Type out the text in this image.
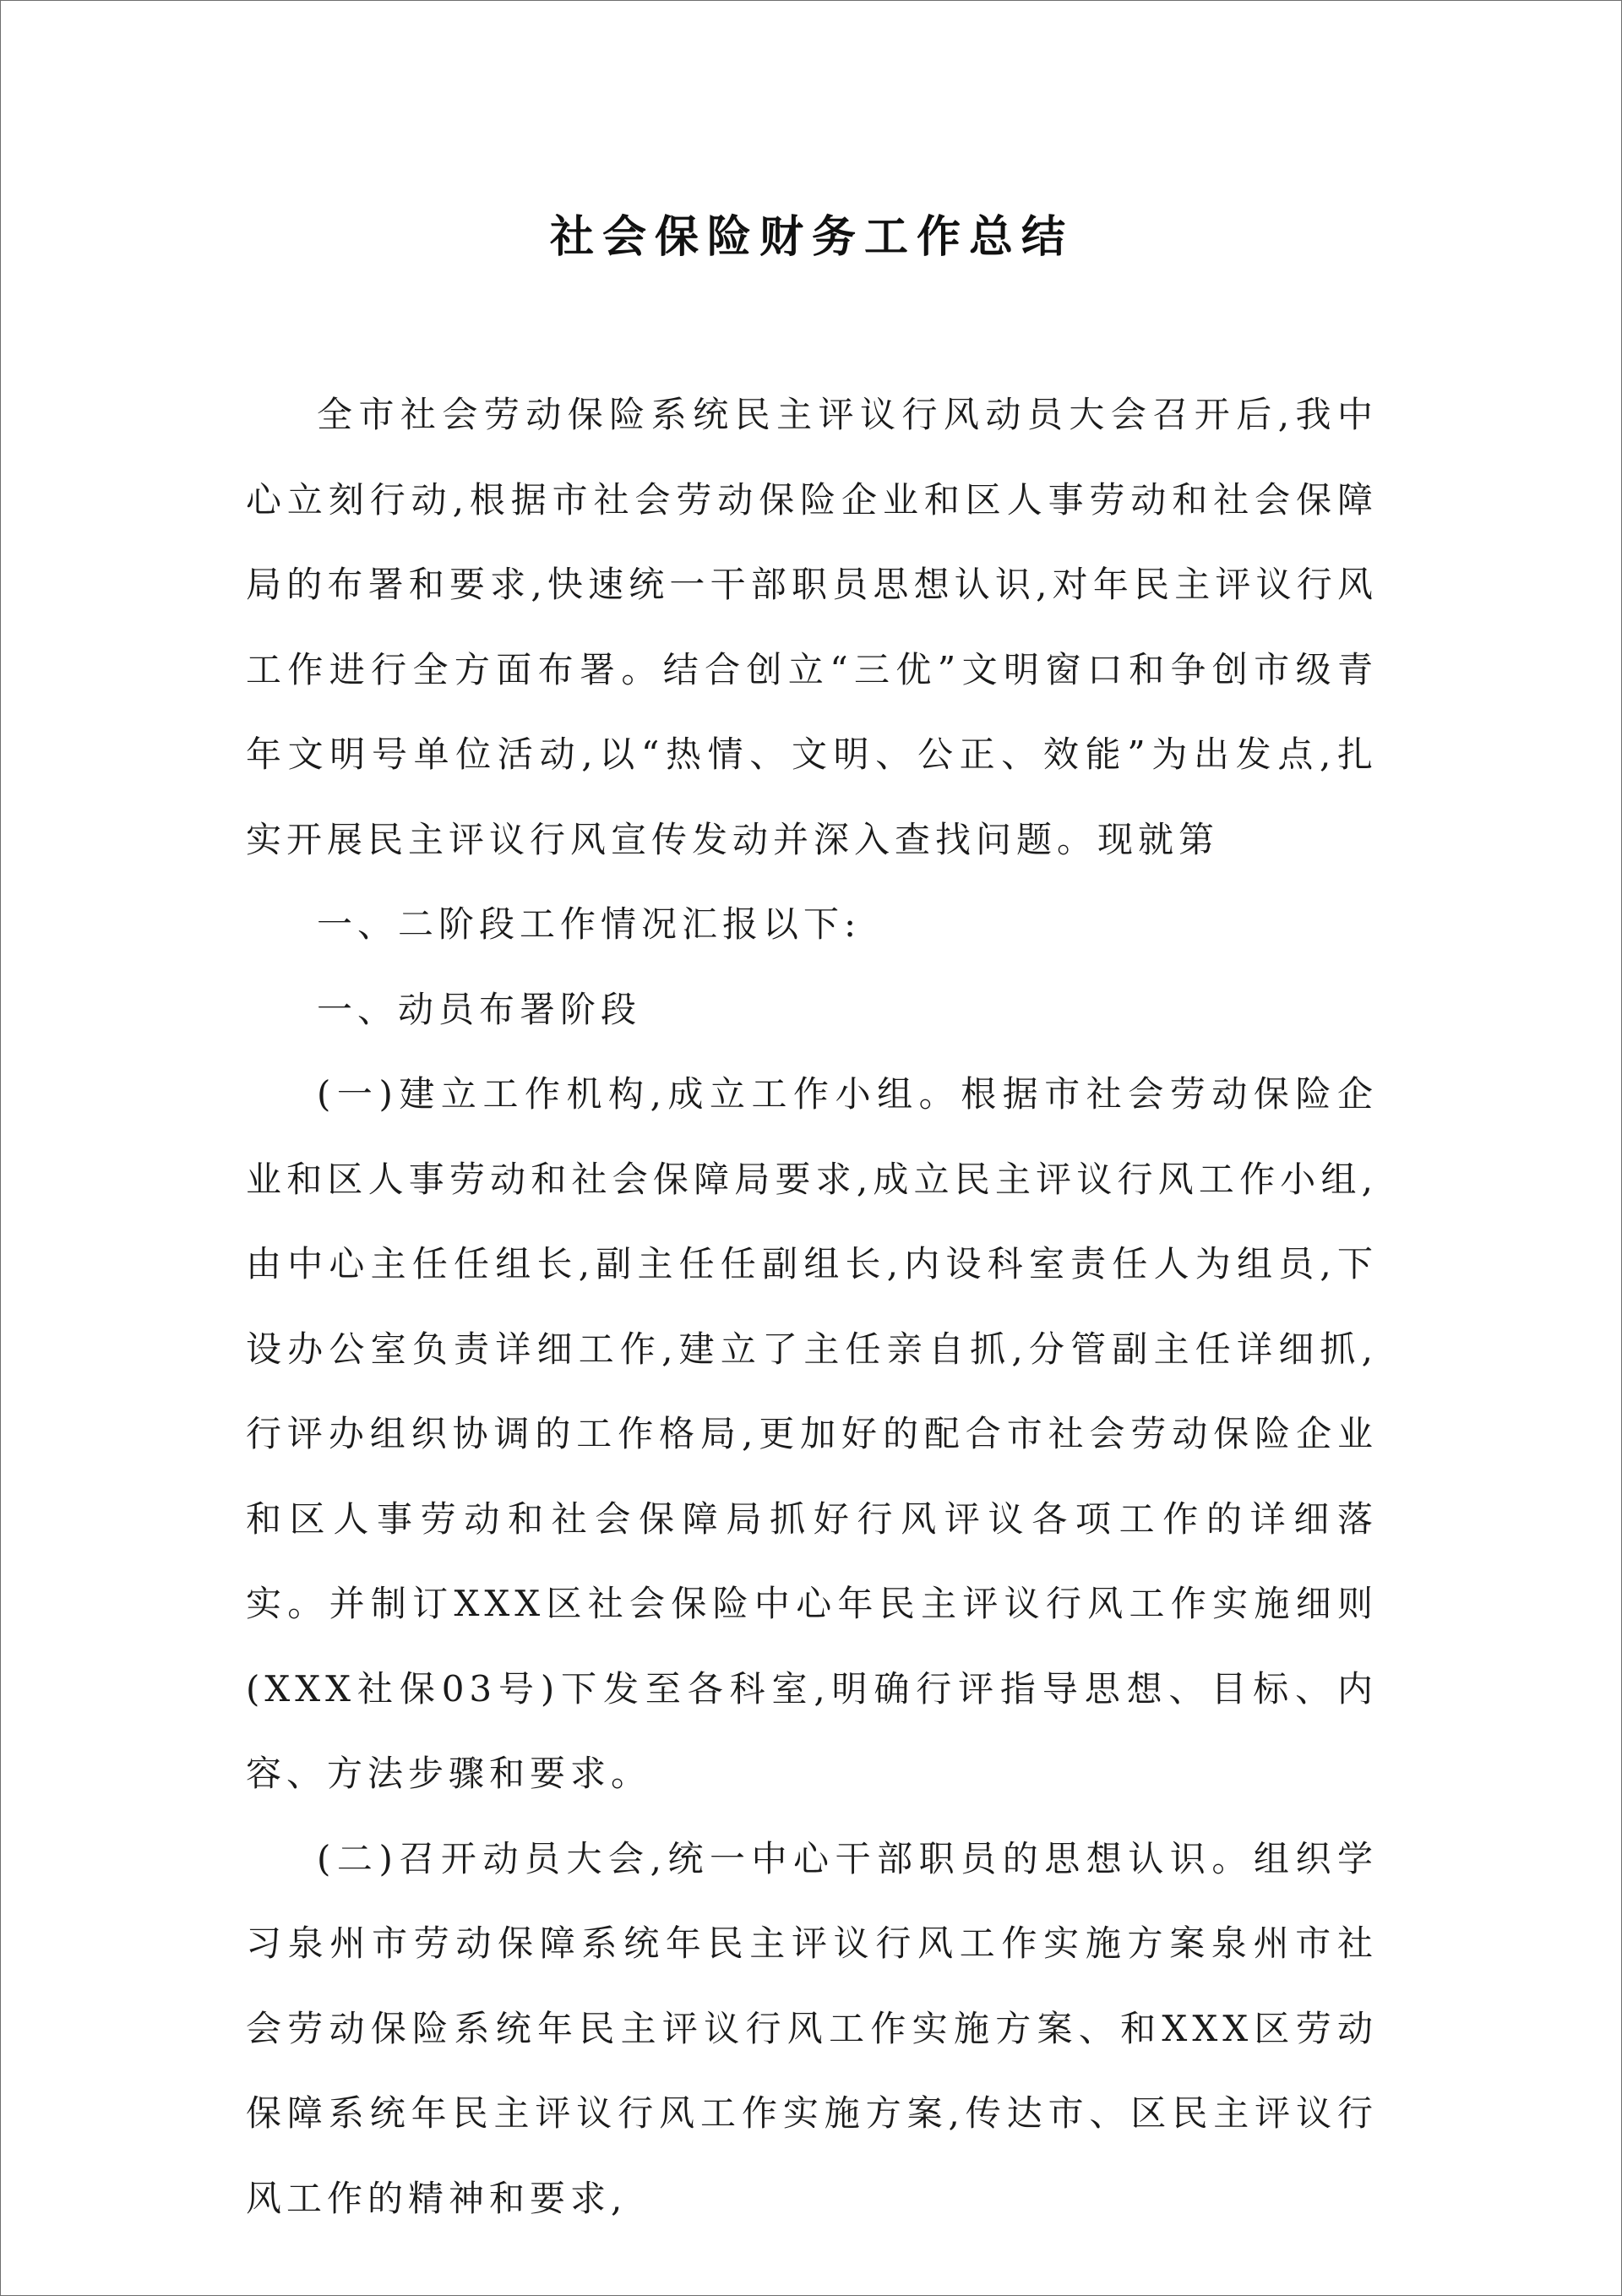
社会保险财务工作总结

全市社会劳动保险系统民主评议行风动员大会召开后,我中心立刻行动,根据市社会劳动保险企业和区人事劳动和社会保障局的布署和要求,快速统一干部职员思想认识,对年民主评议行风工作进行全方面布署。结合创立“三优”文明窗口和争创市级青年文明号单位活动,以“热情、文明、公正、效能”为出发点,扎实开展民主评议行风宣传发动并深入查找问题。现就第

一、二阶段工作情况汇报以下:

一、动员布署阶段

(一)建立工作机构,成立工作小组。根据市社会劳动保险企业和区人事劳动和社会保障局要求,成立民主评议行风工作小组,由中心主任任组长,副主任任副组长,内设科室责任人为组员,下设办公室负责详细工作,建立了主任亲自抓,分管副主任详细抓,行评办组织协调的工作格局,更加好的配合市社会劳动保险企业和区人事劳动和社会保障局抓好行风评议各项工作的详细落实。并制订XXX区社会保险中心年民主评议行风工作实施细则(XXX社保03号)下发至各科室,明确行评指导思想、目标、内容、方法步骤和要求。

(二)召开动员大会,统一中心干部职员的思想认识。组织学习泉州市劳动保障系统年民主评议行风工作实施方案泉州市社会劳动保险系统年民主评议行风工作实施方案、和XXX区劳动保障系统年民主评议行风工作实施方案,传达市、区民主评议行风工作的精神和要求,
